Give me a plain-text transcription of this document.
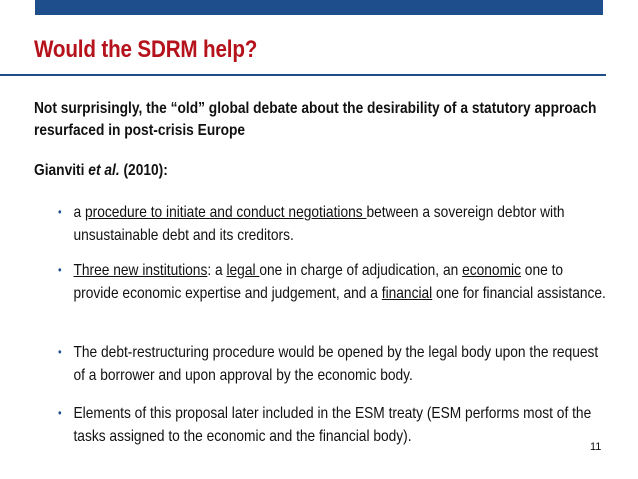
Would the SDRM help?

Not surprisingly, the “old” global debate about the desirability of a statutory approach resurfaced in post-crisis Europe

Gianviti et al. (2010):

• a procedure to initiate and conduct negotiations between a sovereign debtor with unsustainable debt and its creditors.
• Three new institutions: a legal one in charge of adjudication, an economic one to provide economic expertise and judgement, and a financial one for financial assistance.
• The debt-restructuring procedure would be opened by the legal body upon the request of a borrower and upon approval by the economic body.
• Elements of this proposal later included in the ESM treaty (ESM performs most of the tasks assigned to the economic and the financial body).
11
